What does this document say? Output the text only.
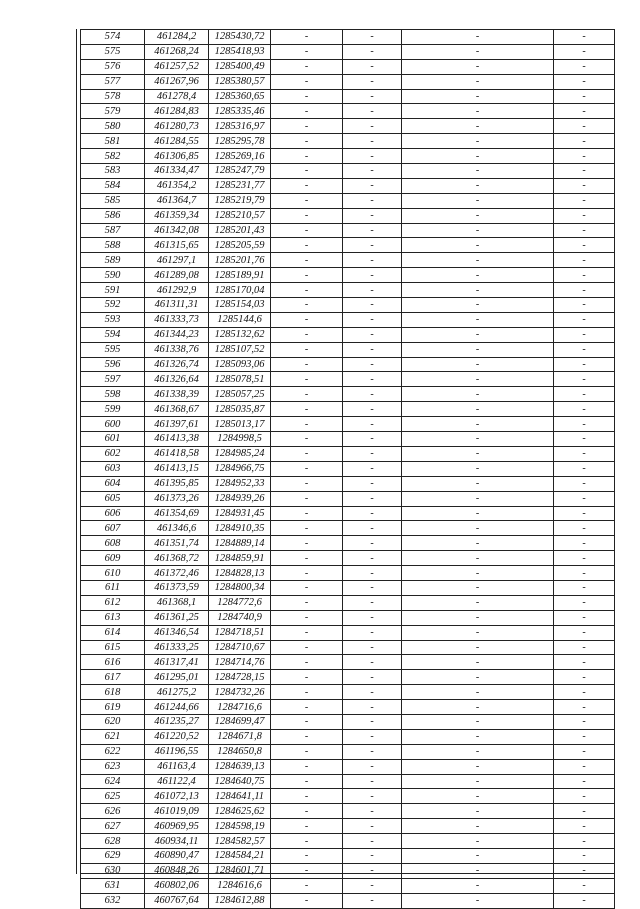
574	461284,2	1285430,72	-	-	-	-
575	461268,24	1285418,93	-	-	-	-
576	461257,52	1285400,49	-	-	-	-
577	461267,96	1285380,57	-	-	-	-
578	461278,4	1285360,65	-	-	-	-
579	461284,83	1285335,46	-	-	-	-
580	461280,73	1285316,97	-	-	-	-
581	461284,55	1285295,78	-	-	-	-
582	461306,85	1285269,16	-	-	-	-
583	461334,47	1285247,79	-	-	-	-
584	461354,2	1285231,77	-	-	-	-
585	461364,7	1285219,79	-	-	-	-
586	461359,34	1285210,57	-	-	-	-
587	461342,08	1285201,43	-	-	-	-
588	461315,65	1285205,59	-	-	-	-
589	461297,1	1285201,76	-	-	-	-
590	461289,08	1285189,91	-	-	-	-
591	461292,9	1285170,04	-	-	-	-
592	461311,31	1285154,03	-	-	-	-
593	461333,73	1285144,6	-	-	-	-
594	461344,23	1285132,62	-	-	-	-
595	461338,76	1285107,52	-	-	-	-
596	461326,74	1285093,06	-	-	-	-
597	461326,64	1285078,51	-	-	-	-
598	461338,39	1285057,25	-	-	-	-
599	461368,67	1285035,87	-	-	-	-
600	461397,61	1285013,17	-	-	-	-
601	461413,38	1284998,5	-	-	-	-
602	461418,58	1284985,24	-	-	-	-
603	461413,15	1284966,75	-	-	-	-
604	461395,85	1284952,33	-	-	-	-
605	461373,26	1284939,26	-	-	-	-
606	461354,69	1284931,45	-	-	-	-
607	461346,6	1284910,35	-	-	-	-
608	461351,74	1284889,14	-	-	-	-
609	461368,72	1284859,91	-	-	-	-
610	461372,46	1284828,13	-	-	-	-
611	461373,59	1284800,34	-	-	-	-
612	461368,1	1284772,6	-	-	-	-
613	461361,25	1284740,9	-	-	-	-
614	461346,54	1284718,51	-	-	-	-
615	461333,25	1284710,67	-	-	-	-
616	461317,41	1284714,76	-	-	-	-
617	461295,01	1284728,15	-	-	-	-
618	461275,2	1284732,26	-	-	-	-
619	461244,66	1284716,6	-	-	-	-
620	461235,27	1284699,47	-	-	-	-
621	461220,52	1284671,8	-	-	-	-
622	461196,55	1284650,8	-	-	-	-
623	461163,4	1284639,13	-	-	-	-
624	461122,4	1284640,75	-	-	-	-
625	461072,13	1284641,11	-	-	-	-
626	461019,09	1284625,62	-	-	-	-
627	460969,95	1284598,19	-	-	-	-
628	460934,11	1284582,57	-	-	-	-
629	460890,47	1284584,21	-	-	-	-
630	460848,26	1284601,71	-	-	-	-
631	460802,06	1284616,6	-	-	-	-
632	460767,64	1284612,88	-	-	-	-
